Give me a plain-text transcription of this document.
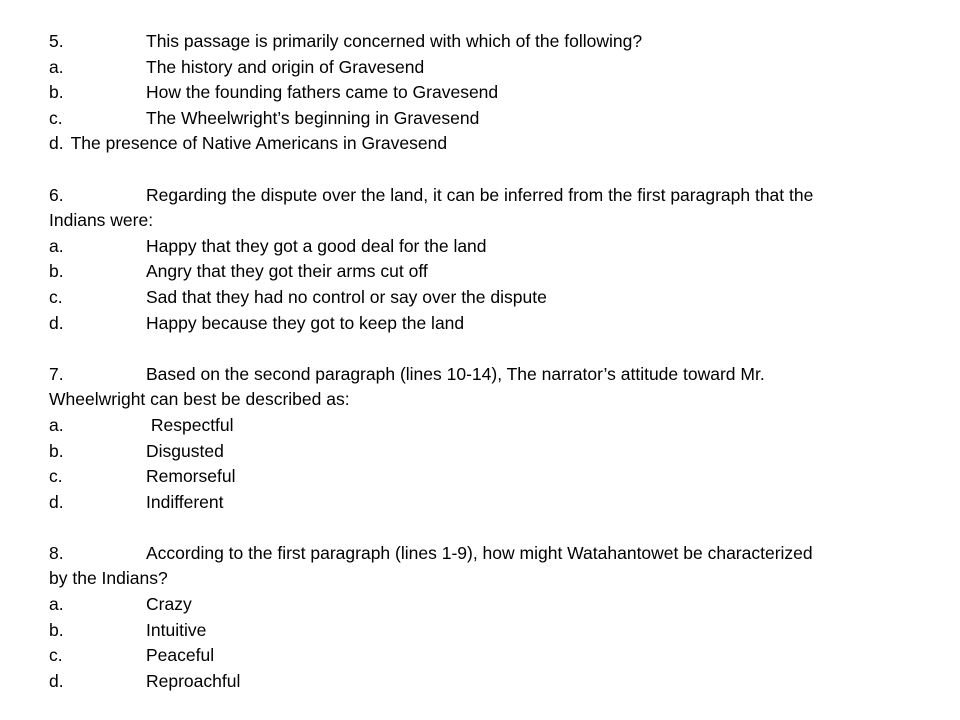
5.	This passage is primarily concerned with which of the following?
a.	The history and origin of Gravesend
b.	How the founding fathers came to Gravesend
c.	The Wheelwright’s beginning in Gravesend
d. The presence of Native Americans in Gravesend
6.	Regarding the dispute over the land, it can be inferred from the first paragraph that the
Indians were:
a.	Happy that they got a good deal for the land
b.	Angry that they got their arms cut off
c.	Sad that they had no control or say over the dispute
d.	Happy because they got to keep the land
7.	Based on the second paragraph (lines 10-14), The narrator’s attitude toward Mr.
Wheelwright can best be described as:
a.	Respectful
b.	Disgusted
c.	Remorseful
d.	Indifferent
8.	According to the first paragraph (lines 1-9), how might Watahantowet be characterized
by the Indians?
a.	Crazy
b.	Intuitive
c.	Peaceful
d.	Reproachful
